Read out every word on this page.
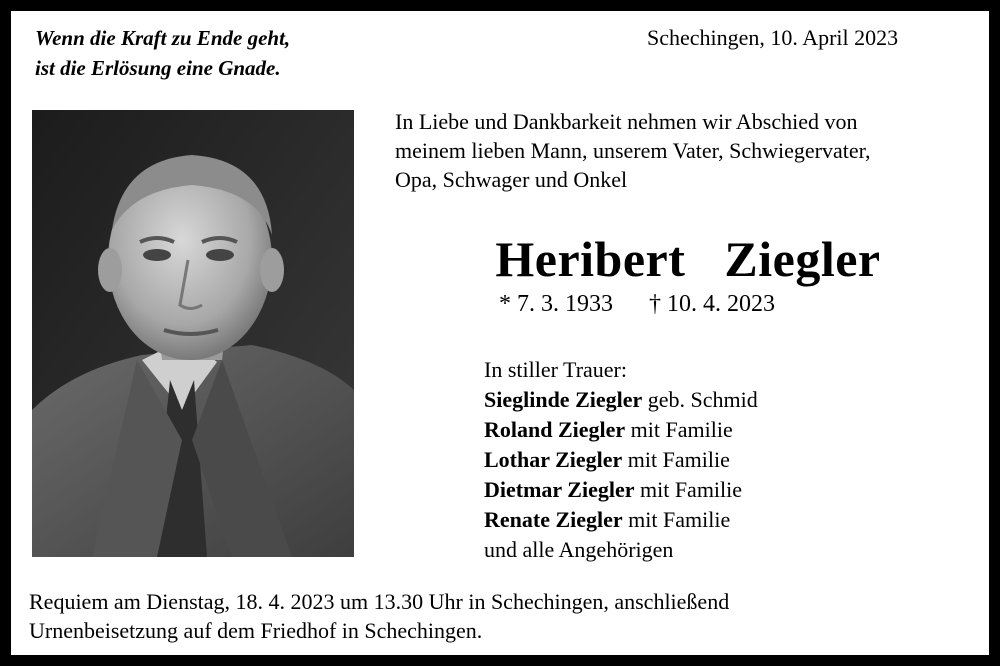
Wenn die Kraft zu Ende geht,
ist die Erlösung eine Gnade.
Schechingen, 10. April 2023
In Liebe und Dankbarkeit nehmen wir Abschied von
meinem lieben Mann, unserem Vater, Schwiegervater,
Opa, Schwager und Onkel
Heribert   Ziegler
* 7. 3. 1933 † 10. 4. 2023
In stiller Trauer:
Sieglinde Ziegler geb. Schmid
Roland Ziegler mit Familie
Lothar Ziegler mit Familie
Dietmar Ziegler mit Familie
Renate Ziegler mit Familie
und alle Angehörigen
Requiem am Dienstag, 18. 4. 2023 um 13.30 Uhr in Schechingen, anschließend
Urnenbeisetzung auf dem Friedhof in Schechingen.
